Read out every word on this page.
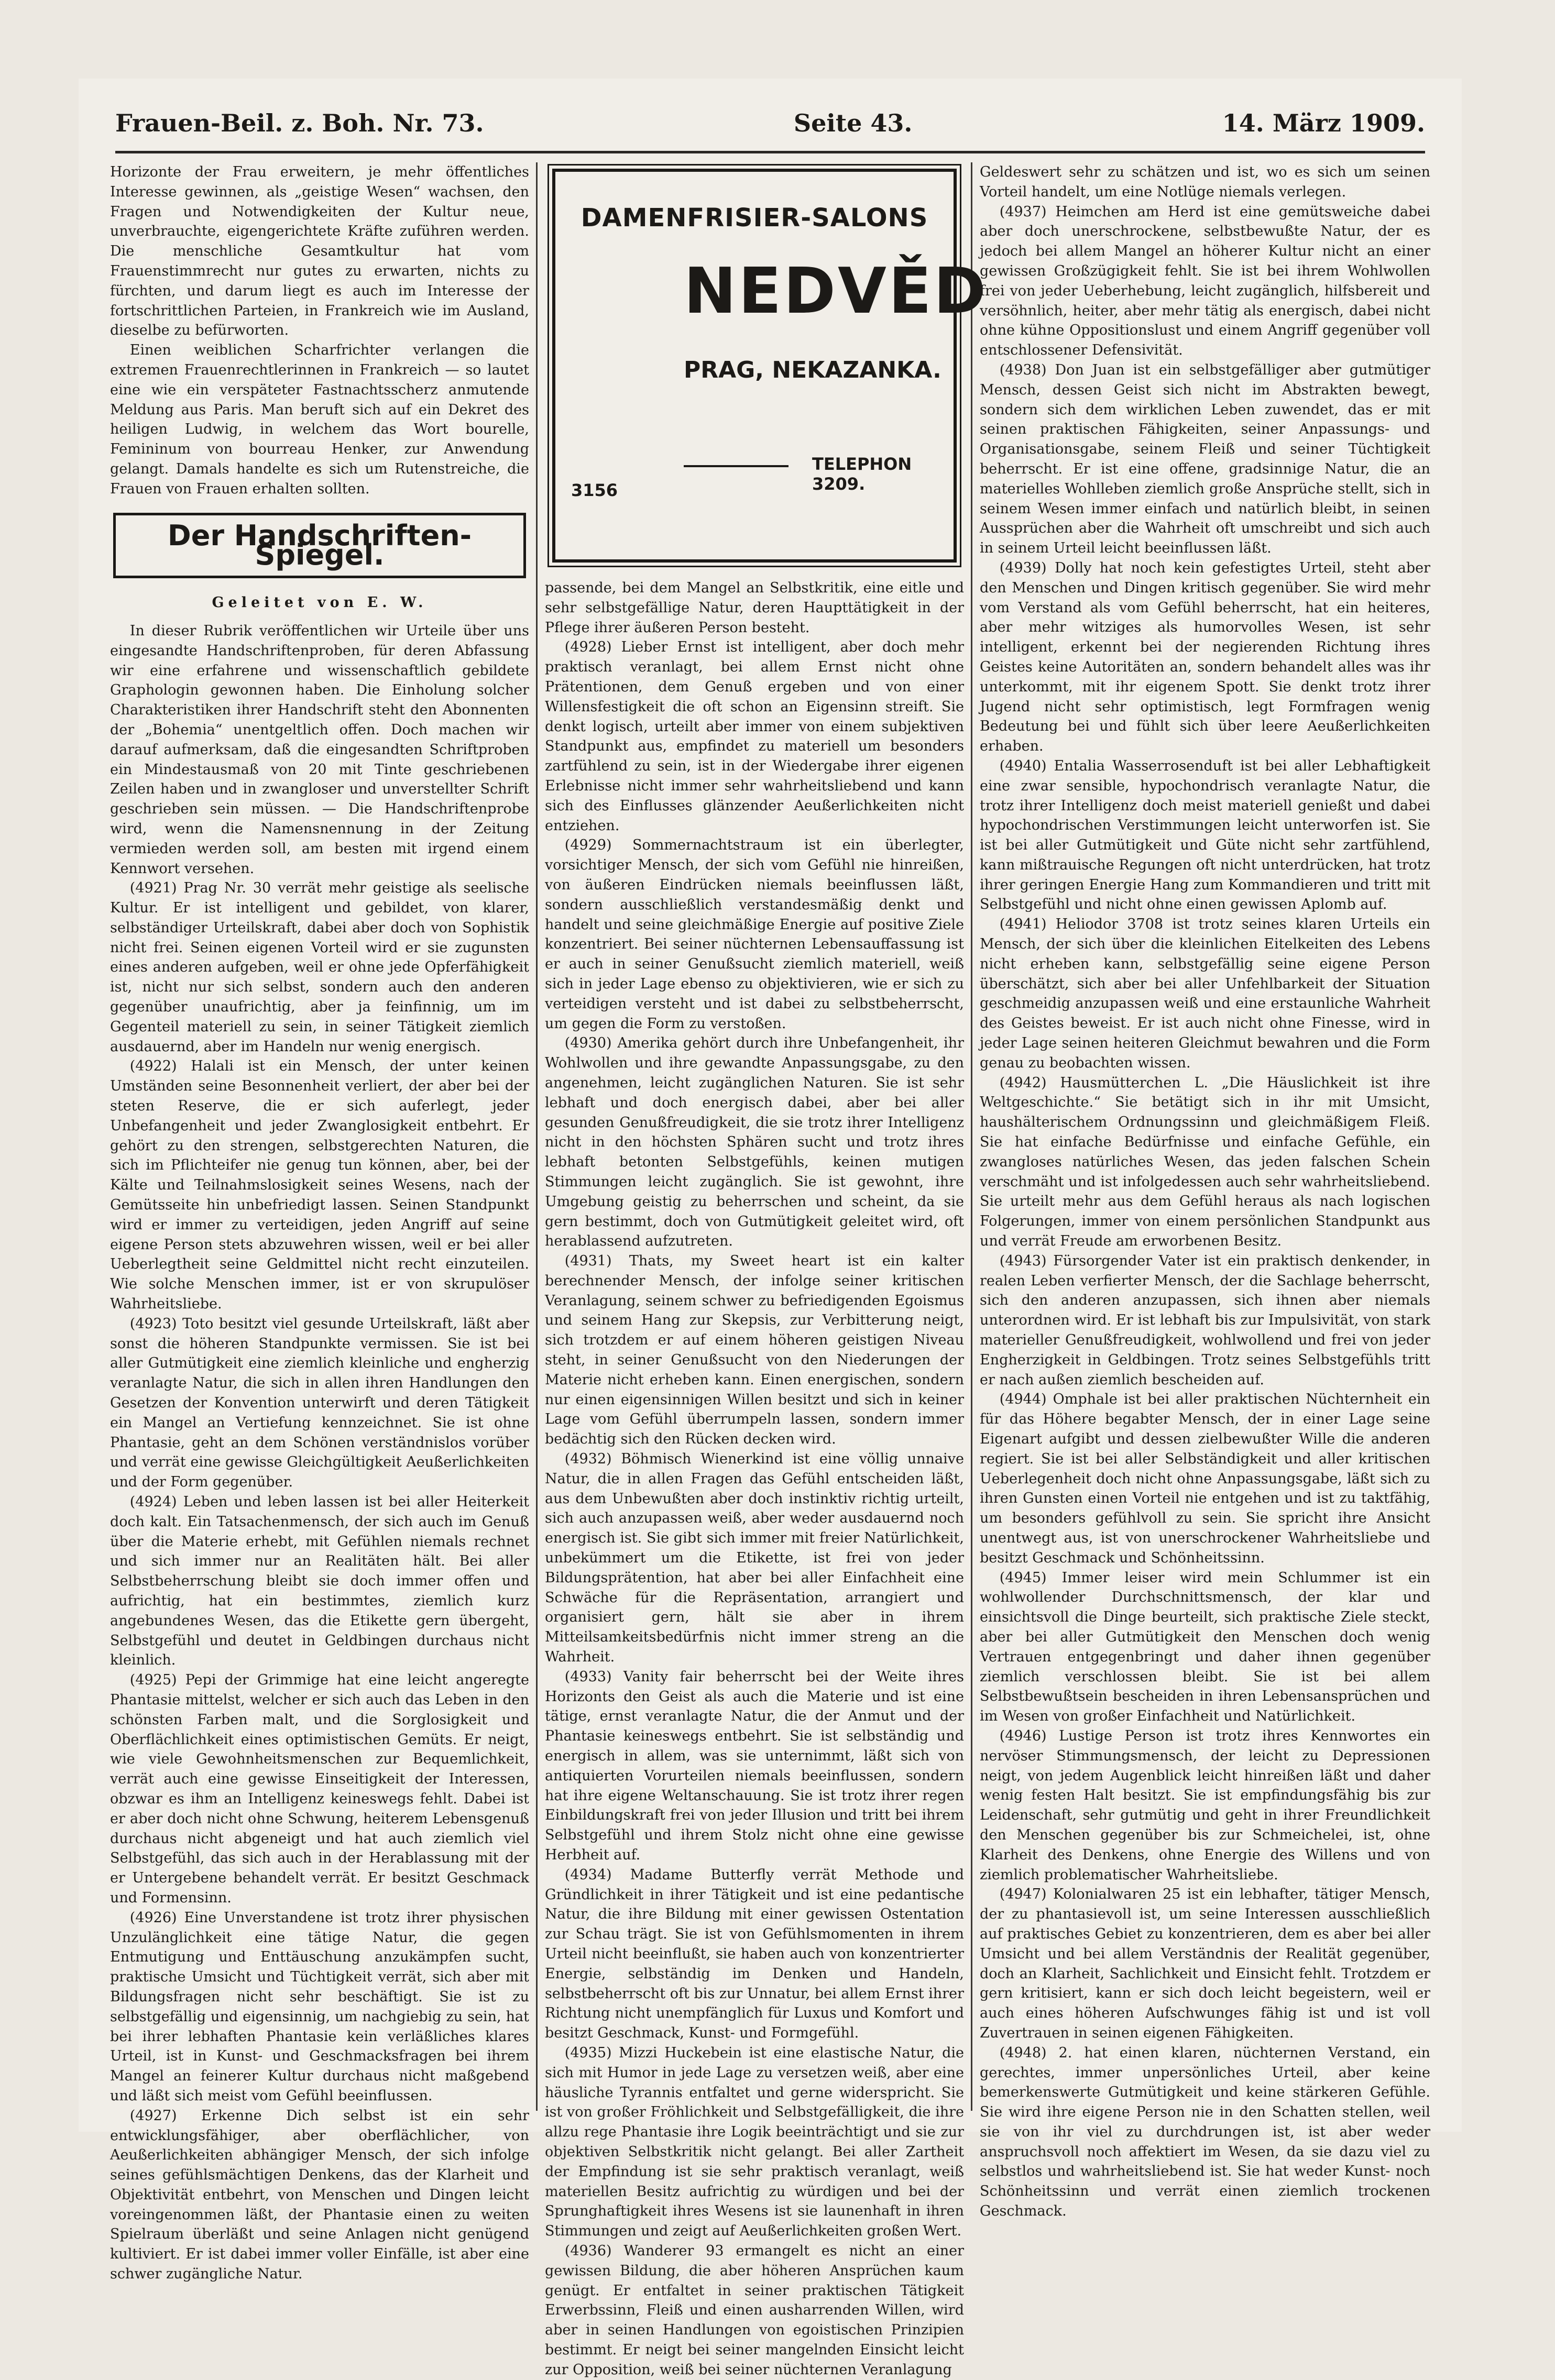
Frauen-Beil. z. Boh. Nr. 73.	Seite 43.	14. März 1909.

Horizonte der Frau erweitern, je mehr öffentliches Interesse gewinnen, als „geistige Wesen“ wachsen, den Fragen und Notwendigkeiten der Kultur neue, unverbrauchte, eigengerichtete Kräfte zuführen werden. Die menschliche Gesamtkultur hat vom Frauenstimmrecht nur gutes zu erwarten, nichts zu fürchten, und darum liegt es auch im Interesse der fortschrittlichen Parteien, in Frankreich wie im Ausland, dieselbe zu befürworten.

Einen weiblichen Scharfrichter verlangen die extremen Frauenrechtlerinnen in Frankreich — so lautet eine wie ein verspäteter Fastnachtsscherz anmutende Meldung aus Paris. Man beruft sich auf ein Dekret des heiligen Ludwig, in welchem das Wort bourelle, Femininum von bourreau Henker, zur Anwendung gelangt. Damals handelte es sich um Rutenstreiche, die Frauen von Frauen erhalten sollten.

Der Handschriften-Spiegel.
Geleitet von E. W.

In dieser Rubrik veröffentlichen wir Urteile über uns eingesandte Handschriftenproben, für deren Abfassung wir eine erfahrene und wissenschaftlich gebildete Graphologin gewonnen haben. Die Einholung solcher Charakteristiken ihrer Handschrift steht den Abonnenten der „Bohemia“ unentgeltlich offen. Doch machen wir darauf aufmerksam, daß die eingesandten Schriftproben ein Mindestausmaß von 20 mit Tinte geschriebenen Zeilen haben und in zwangloser und unverstellter Schrift geschrieben sein müssen. — Die Handschriftenprobe wird, wenn die Namensnennung in der Zeitung vermieden werden soll, am besten mit irgend einem Kennwort versehen.

(4921) Prag Nr. 30 verrät mehr geistige als seelische Kultur. Er ist intelligent und gebildet, von klarer, selbständiger Urteilskraft, dabei aber doch von Sophistik nicht frei. Seinen eigenen Vorteil wird er sie zugunsten eines anderen aufgeben, weil er ohne jede Opferfähigkeit ist, nicht nur sich selbst, sondern auch den anderen gegenüber unaufrichtig, aber ja feinfinnig, um im Gegenteil materiell zu sein, in seiner Tätigkeit ziemlich ausdauernd, aber im Handeln nur wenig energisch.

(4922) Halali ist ein Mensch, der unter keinen Umständen seine Besonnenheit verliert, der aber bei der steten Reserve, die er sich auferlegt, jeder Unbefangenheit und jeder Zwanglosigkeit entbehrt. Er gehört zu den strengen, selbstgerechten Naturen, die sich im Pflichteifer nie genug tun können, aber, bei der Kälte und Teilnahmslosigkeit seines Wesens, nach der Gemütsseite hin unbefriedigt lassen. Seinen Standpunkt wird er immer zu verteidigen, jeden Angriff auf seine eigene Person stets abzuwehren wissen, weil er bei aller Ueberlegtheit seine Geldmittel nicht recht einzuteilen. Wie solche Menschen immer, ist er von skrupulöser Wahrheitsliebe.

(4923) Toto besitzt viel gesunde Urteilskraft, läßt aber sonst die höheren Standpunkte vermissen. Sie ist bei aller Gutmütigkeit eine ziemlich kleinliche und engherzig veranlagte Natur, die sich in allen ihren Handlungen den Gesetzen der Konvention unterwirft und deren Tätigkeit ein Mangel an Vertiefung kennzeichnet. Sie ist ohne Phantasie, geht an dem Schönen verständnislos vorüber und verrät eine gewisse Gleichgültigkeit Aeußerlichkeiten und der Form gegenüber.

(4924) Leben und leben lassen ist bei aller Heiterkeit doch kalt. Ein Tatsachenmensch, der sich auch im Genuß über die Materie erhebt, mit Gefühlen niemals rechnet und sich immer nur an Realitäten hält. Bei aller Selbstbeherrschung bleibt sie doch immer offen und aufrichtig, hat ein bestimmtes, ziemlich kurz angebundenes Wesen, das die Etikette gern übergeht, Selbstgefühl und deutet in Geldbingen durchaus nicht kleinlich.

(4925) Pepi der Grimmige hat eine leicht angeregte Phantasie mittelst, welcher er sich auch das Leben in den schönsten Farben malt, und die Sorglosigkeit und Oberflächlichkeit eines optimistischen Gemüts. Er neigt, wie viele Gewohnheitsmenschen zur Bequemlichkeit, verrät auch eine gewisse Einseitigkeit der Interessen, obzwar es ihm an Intelligenz keineswegs fehlt. Dabei ist er aber doch nicht ohne Schwung, heiterem Lebensgenuß durchaus nicht abgeneigt und hat auch ziemlich viel Selbstgefühl, das sich auch in der Herablassung mit der er Untergebene behandelt verrät. Er besitzt Geschmack und Formensinn.

(4926) Eine Unverstandene ist trotz ihrer physischen Unzulänglichkeit eine tätige Natur, die gegen Entmutigung und Enttäuschung anzukämpfen sucht, praktische Umsicht und Tüchtigkeit verrät, sich aber mit Bildungsfragen nicht sehr beschäftigt. Sie ist zu selbstgefällig und eigensinnig, um nachgiebig zu sein, hat bei ihrer lebhaften Phantasie kein verläßliches klares Urteil, ist in Kunst- und Geschmacksfragen bei ihrem Mangel an feinerer Kultur durchaus nicht maßgebend und läßt sich meist vom Gefühl beeinflussen.

(4927) Erkenne Dich selbst ist ein sehr entwicklungsfähiger, aber oberflächlicher, von Aeußerlichkeiten abhängiger Mensch, der sich infolge seines gefühlsmächtigen Denkens, das der Klarheit und Objektivität entbehrt, von Menschen und Dingen leicht voreingenommen läßt, der Phantasie einen zu weiten Spielraum überläßt und seine Anlagen nicht genügend kultiviert. Er ist dabei immer voller Einfälle, ist aber eine schwer zugängliche Natur.

DAMENFRISIER-SALONS
NEDVĚD
PRAG, NEKAZANKA.
TELEPHON 3209.
3156

passende, bei dem Mangel an Selbstkritik, eine eitle und sehr selbstgefällige Natur, deren Haupttätigkeit in der Pflege ihrer äußeren Person besteht.

(4928) Lieber Ernst ist intelligent, aber doch mehr praktisch veranlagt, bei allem Ernst nicht ohne Prätentionen, dem Genuß ergeben und von einer Willensfestigkeit die oft schon an Eigensinn streift. Sie denkt logisch, urteilt aber immer von einem subjektiven Standpunkt aus, empfindet zu materiell um besonders zartfühlend zu sein, ist in der Wiedergabe ihrer eigenen Erlebnisse nicht immer sehr wahrheitsliebend und kann sich des Einflusses glänzender Aeußerlichkeiten nicht entziehen.

(4929) Sommernachtstraum ist ein überlegter, vorsichtiger Mensch, der sich vom Gefühl nie hinreißen, von äußeren Eindrücken niemals beeinflussen läßt, sondern ausschließlich verstandesmäßig denkt und handelt und seine gleichmäßige Energie auf positive Ziele konzentriert. Bei seiner nüchternen Lebensauffassung ist er auch in seiner Genußsucht ziemlich materiell, weiß sich in jeder Lage ebenso zu objektivieren, wie er sich zu verteidigen versteht und ist dabei zu selbstbeherrscht, um gegen die Form zu verstoßen.

(4930) Amerika gehört durch ihre Unbefangenheit, ihr Wohlwollen und ihre gewandte Anpassungsgabe, zu den angenehmen, leicht zugänglichen Naturen. Sie ist sehr lebhaft und doch energisch dabei, aber bei aller gesunden Genußfreudigkeit, die sie trotz ihrer Intelligenz nicht in den höchsten Sphären sucht und trotz ihres lebhaft betonten Selbstgefühls, keinen mutigen Stimmungen leicht zugänglich. Sie ist gewohnt, ihre Umgebung geistig zu beherrschen und scheint, da sie gern bestimmt, doch von Gutmütigkeit geleitet wird, oft herablassend aufzutreten.

(4931) Thats, my Sweet heart ist ein kalter berechnender Mensch, der infolge seiner kritischen Veranlagung, seinem schwer zu befriedigenden Egoismus und seinem Hang zur Skepsis, zur Verbitterung neigt, sich trotzdem er auf einem höheren geistigen Niveau steht, in seiner Genußsucht von den Niederungen der Materie nicht erheben kann. Einen energischen, sondern nur einen eigensinnigen Willen besitzt und sich in keiner Lage vom Gefühl überrumpeln lassen, sondern immer bedächtig sich den Rücken decken wird.

(4932) Böhmisch Wienerkind ist eine völlig unnaive Natur, die in allen Fragen das Gefühl entscheiden läßt, aus dem Unbewußten aber doch instinktiv richtig urteilt, sich auch anzupassen weiß, aber weder ausdauernd noch energisch ist. Sie gibt sich immer mit freier Natürlichkeit, unbekümmert um die Etikette, ist frei von jeder Bildungsprätention, hat aber bei aller Einfachheit eine Schwäche für die Repräsentation, arrangiert und organisiert gern, hält sie aber in ihrem Mitteilsamkeitsbedürfnis nicht immer streng an die Wahrheit.

(4933) Vanity fair beherrscht bei der Weite ihres Horizonts den Geist als auch die Materie und ist eine tätige, ernst veranlagte Natur, die der Anmut und der Phantasie keineswegs entbehrt. Sie ist selbständig und energisch in allem, was sie unternimmt, läßt sich von antiquierten Vorurteilen niemals beeinflussen, sondern hat ihre eigene Weltanschauung. Sie ist trotz ihrer regen Einbildungskraft frei von jeder Illusion und tritt bei ihrem Selbstgefühl und ihrem Stolz nicht ohne eine gewisse Herbheit auf.

(4934) Madame Butterfly verrät Methode und Gründlichkeit in ihrer Tätigkeit und ist eine pedantische Natur, die ihre Bildung mit einer gewissen Ostentation zur Schau trägt. Sie ist von Gefühlsmomenten in ihrem Urteil nicht beeinflußt, sie haben auch von konzentrierter Energie, selbständig im Denken und Handeln, selbstbeherrscht oft bis zur Unnatur, bei allem Ernst ihrer Richtung nicht unempfänglich für Luxus und Komfort und besitzt Geschmack, Kunst- und Formgefühl.

(4935) Mizzi Huckebein ist eine elastische Natur, die sich mit Humor in jede Lage zu versetzen weiß, aber eine häusliche Tyrannis entfaltet und gerne widerspricht. Sie ist von großer Fröhlichkeit und Selbstgefälligkeit, die ihre allzu rege Phantasie ihre Logik beeinträchtigt und sie zur objektiven Selbstkritik nicht gelangt. Bei aller Zartheit der Empfindung ist sie sehr praktisch veranlagt, weiß materiellen Besitz aufrichtig zu würdigen und bei der Sprunghaftigkeit ihres Wesens ist sie launenhaft in ihren Stimmungen und zeigt auf Aeußerlichkeiten großen Wert.

(4936) Wanderer 93 ermangelt es nicht an einer gewissen Bildung, die aber höheren Ansprüchen kaum genügt. Er entfaltet in seiner praktischen Tätigkeit Erwerbssinn, Fleiß und einen ausharrenden Willen, wird aber in seinen Handlungen von egoistischen Prinzipien bestimmt. Er neigt bei seiner mangelnden Einsicht leicht zur Opposition, weiß bei seiner nüchternen Veranlagung

Geldeswert sehr zu schätzen und ist, wo es sich um seinen Vorteil handelt, um eine Notlüge niemals verlegen.

(4937) Heimchen am Herd ist eine gemütsweiche dabei aber doch unerschrockene, selbstbewußte Natur, der es jedoch bei allem Mangel an höherer Kultur nicht an einer gewissen Großzügigkeit fehlt. Sie ist bei ihrem Wohlwollen frei von jeder Ueberhebung, leicht zugänglich, hilfsbereit und versöhnlich, heiter, aber mehr tätig als energisch, dabei nicht ohne kühne Oppositionslust und einem Angriff gegenüber voll entschlossener Defensivität.

(4938) Don Juan ist ein selbstgefälliger aber gutmütiger Mensch, dessen Geist sich nicht im Abstrakten bewegt, sondern sich dem wirklichen Leben zuwendet, das er mit seinen praktischen Fähigkeiten, seiner Anpassungs- und Organisationsgabe, seinem Fleiß und seiner Tüchtigkeit beherrscht. Er ist eine offene, gradsinnige Natur, die an materielles Wohlleben ziemlich große Ansprüche stellt, sich in seinem Wesen immer einfach und natürlich bleibt, in seinen Aussprüchen aber die Wahrheit oft umschreibt und sich auch in seinem Urteil leicht beeinflussen läßt.

(4939) Dolly hat noch kein gefestigtes Urteil, steht aber den Menschen und Dingen kritisch gegenüber. Sie wird mehr vom Verstand als vom Gefühl beherrscht, hat ein heiteres, aber mehr witziges als humorvolles Wesen, ist sehr intelligent, erkennt bei der negierenden Richtung ihres Geistes keine Autoritäten an, sondern behandelt alles was ihr unterkommt, mit ihr eigenem Spott. Sie denkt trotz ihrer Jugend nicht sehr optimistisch, legt Formfragen wenig Bedeutung bei und fühlt sich über leere Aeußerlichkeiten erhaben.

(4940) Entalia Wasserrosenduft ist bei aller Lebhaftigkeit eine zwar sensible, hypochondrisch veranlagte Natur, die trotz ihrer Intelligenz doch meist materiell genießt und dabei hypochondrischen Verstimmungen leicht unterworfen ist. Sie ist bei aller Gutmütigkeit und Güte nicht sehr zartfühlend, kann mißtrauische Regungen oft nicht unterdrücken, hat trotz ihrer geringen Energie Hang zum Kommandieren und tritt mit Selbstgefühl und nicht ohne einen gewissen Aplomb auf.

(4941) Heliodor 3708 ist trotz seines klaren Urteils ein Mensch, der sich über die kleinlichen Eitelkeiten des Lebens nicht erheben kann, selbstgefällig seine eigene Person überschätzt, sich aber bei aller Unfehlbarkeit der Situation geschmeidig anzupassen weiß und eine erstaunliche Wahrheit des Geistes beweist. Er ist auch nicht ohne Finesse, wird in jeder Lage seinen heiteren Gleichmut bewahren und die Form genau zu beobachten wissen.

(4942) Hausmütterchen L. „Die Häuslichkeit ist ihre Weltgeschichte.“ Sie betätigt sich in ihr mit Umsicht, haushälterischem Ordnungssinn und gleichmäßigem Fleiß. Sie hat einfache Bedürfnisse und einfache Gefühle, ein zwangloses natürliches Wesen, das jeden falschen Schein verschmäht und ist infolgedessen auch sehr wahrheitsliebend. Sie urteilt mehr aus dem Gefühl heraus als nach logischen Folgerungen, immer von einem persönlichen Standpunkt aus und verrät Freude am erworbenen Besitz.

(4943) Fürsorgender Vater ist ein praktisch denkender, in realen Leben verfierter Mensch, der die Sachlage beherrscht, sich den anderen anzupassen, sich ihnen aber niemals unterordnen wird. Er ist lebhaft bis zur Impulsivität, von stark materieller Genußfreudigkeit, wohlwollend und frei von jeder Engherzigkeit in Geldbingen. Trotz seines Selbstgefühls tritt er nach außen ziemlich bescheiden auf.

(4944) Omphale ist bei aller praktischen Nüchternheit ein für das Höhere begabter Mensch, der in einer Lage seine Eigenart aufgibt und dessen zielbewußter Wille die anderen regiert. Sie ist bei aller Selbständigkeit und aller kritischen Ueberlegenheit doch nicht ohne Anpassungsgabe, läßt sich zu ihren Gunsten einen Vorteil nie entgehen und ist zu taktfähig, um besonders gefühlvoll zu sein. Sie spricht ihre Ansicht unentwegt aus, ist von unerschrockener Wahrheitsliebe und besitzt Geschmack und Schönheitssinn.

(4945) Immer leiser wird mein Schlummer ist ein wohlwollender Durchschnittsmensch, der klar und einsichtsvoll die Dinge beurteilt, sich praktische Ziele steckt, aber bei aller Gutmütigkeit den Menschen doch wenig Vertrauen entgegenbringt und daher ihnen gegenüber ziemlich verschlossen bleibt. Sie ist bei allem Selbstbewußtsein bescheiden in ihren Lebensansprüchen und im Wesen von großer Einfachheit und Natürlichkeit.

(4946) Lustige Person ist trotz ihres Kennwortes ein nervöser Stimmungsmensch, der leicht zu Depressionen neigt, von jedem Augenblick leicht hinreißen läßt und daher wenig festen Halt besitzt. Sie ist empfindungsfähig bis zur Leidenschaft, sehr gutmütig und geht in ihrer Freundlichkeit den Menschen gegenüber bis zur Schmeichelei, ist, ohne Klarheit des Denkens, ohne Energie des Willens und von ziemlich problematischer Wahrheitsliebe.

(4947) Kolonialwaren 25 ist ein lebhafter, tätiger Mensch, der zu phantasievoll ist, um seine Interessen ausschließlich auf praktisches Gebiet zu konzentrieren, dem es aber bei aller Umsicht und bei allem Verständnis der Realität gegenüber, doch an Klarheit, Sachlichkeit und Einsicht fehlt. Trotzdem er gern kritisiert, kann er sich doch leicht begeistern, weil er auch eines höheren Aufschwunges fähig ist und ist voll Zuvertrauen in seinen eigenen Fähigkeiten.

(4948) 2. hat einen klaren, nüchternen Verstand, ein gerechtes, immer unpersönliches Urteil, aber keine bemerkenswerte Gutmütigkeit und keine stärkeren Gefühle. Sie wird ihre eigene Person nie in den Schatten stellen, weil sie von ihr viel zu durchdrungen ist, ist aber weder anspruchsvoll noch affektiert im Wesen, da sie dazu viel zu selbstlos und wahrheitsliebend ist. Sie hat weder Kunst- noch Schönheitssinn und verrät einen ziemlich trockenen Geschmack.
